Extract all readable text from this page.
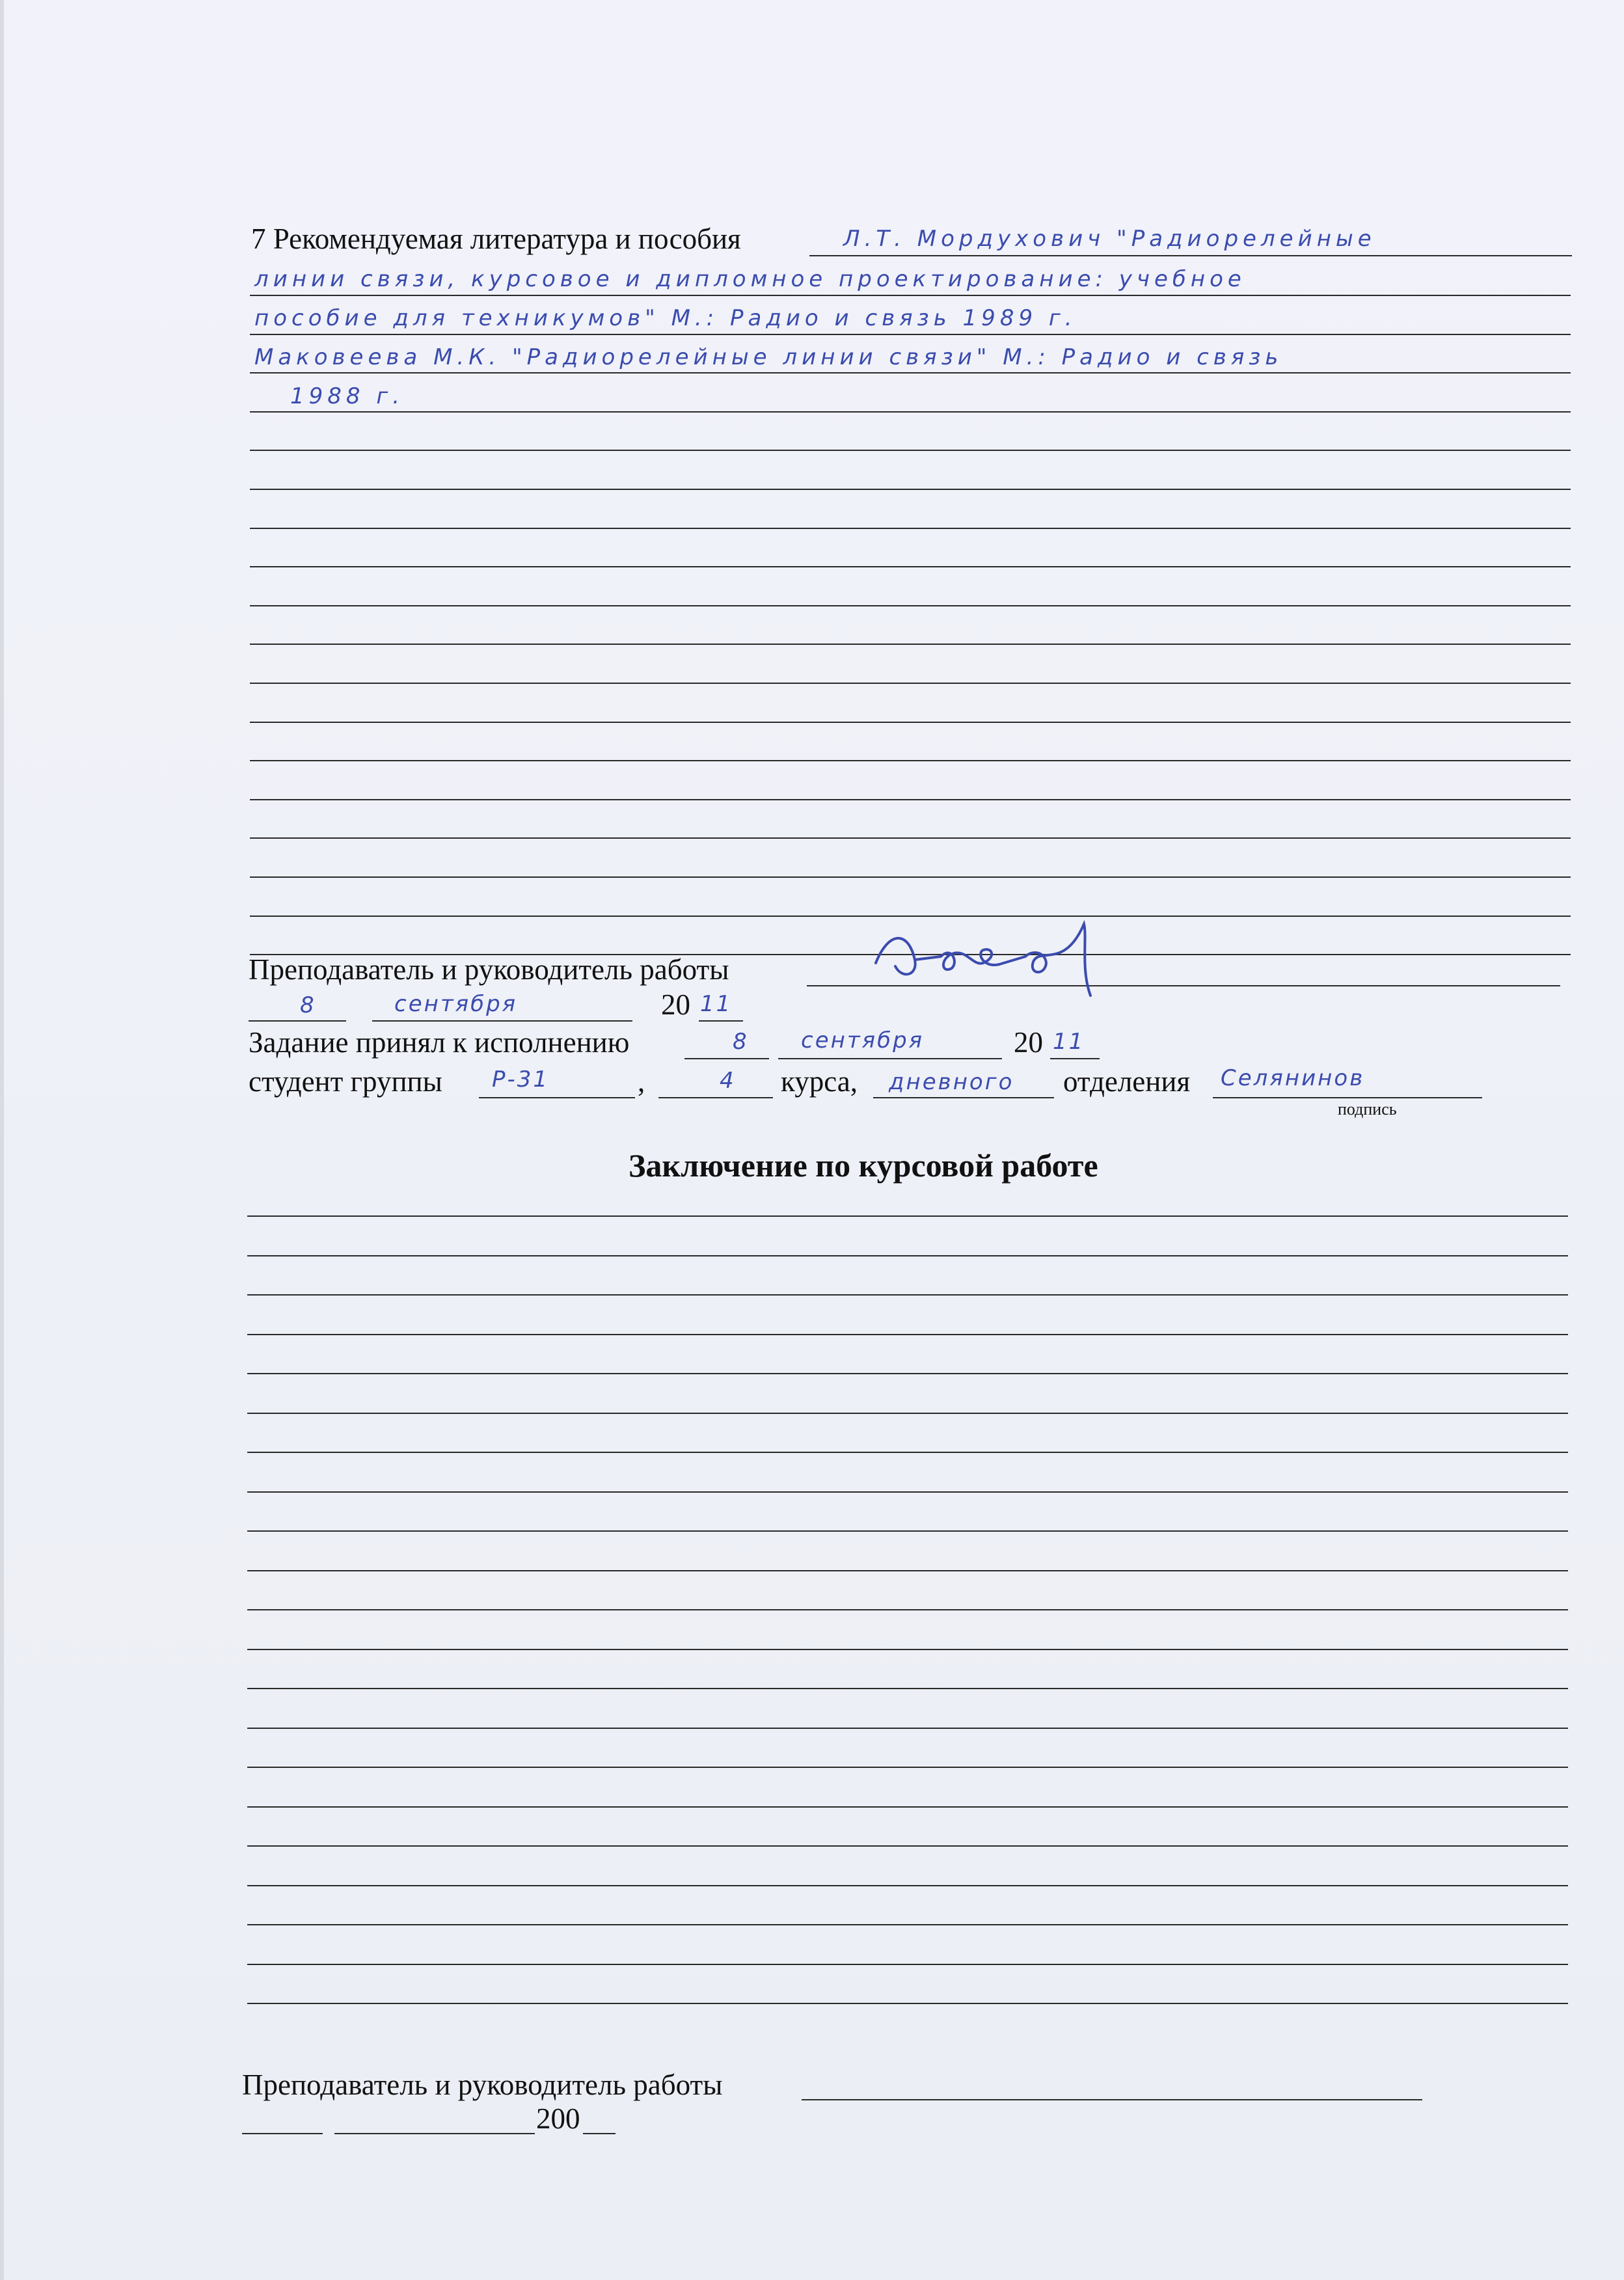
7 Рекомендуемая литература и пособия	Л.Т. Мордухович "Радиорелейные
линии связи, курсовое и дипломное проектирование: учебное
пособие для техникумов" М.: Радио и связь 1989 г.
Маковеева М.К. "Радиорелейные линии связи" М.: Радио и связь
1988 г.
Преподаватель и руководитель работы
8	сентября	20 11
Задание принял к исполнению	8 сентября	20 11
студент группы Р-31	,	4 курса, дневного отделения Селянинов
подпись
Заключение по курсовой работе
Преподаватель и руководитель работы
200
